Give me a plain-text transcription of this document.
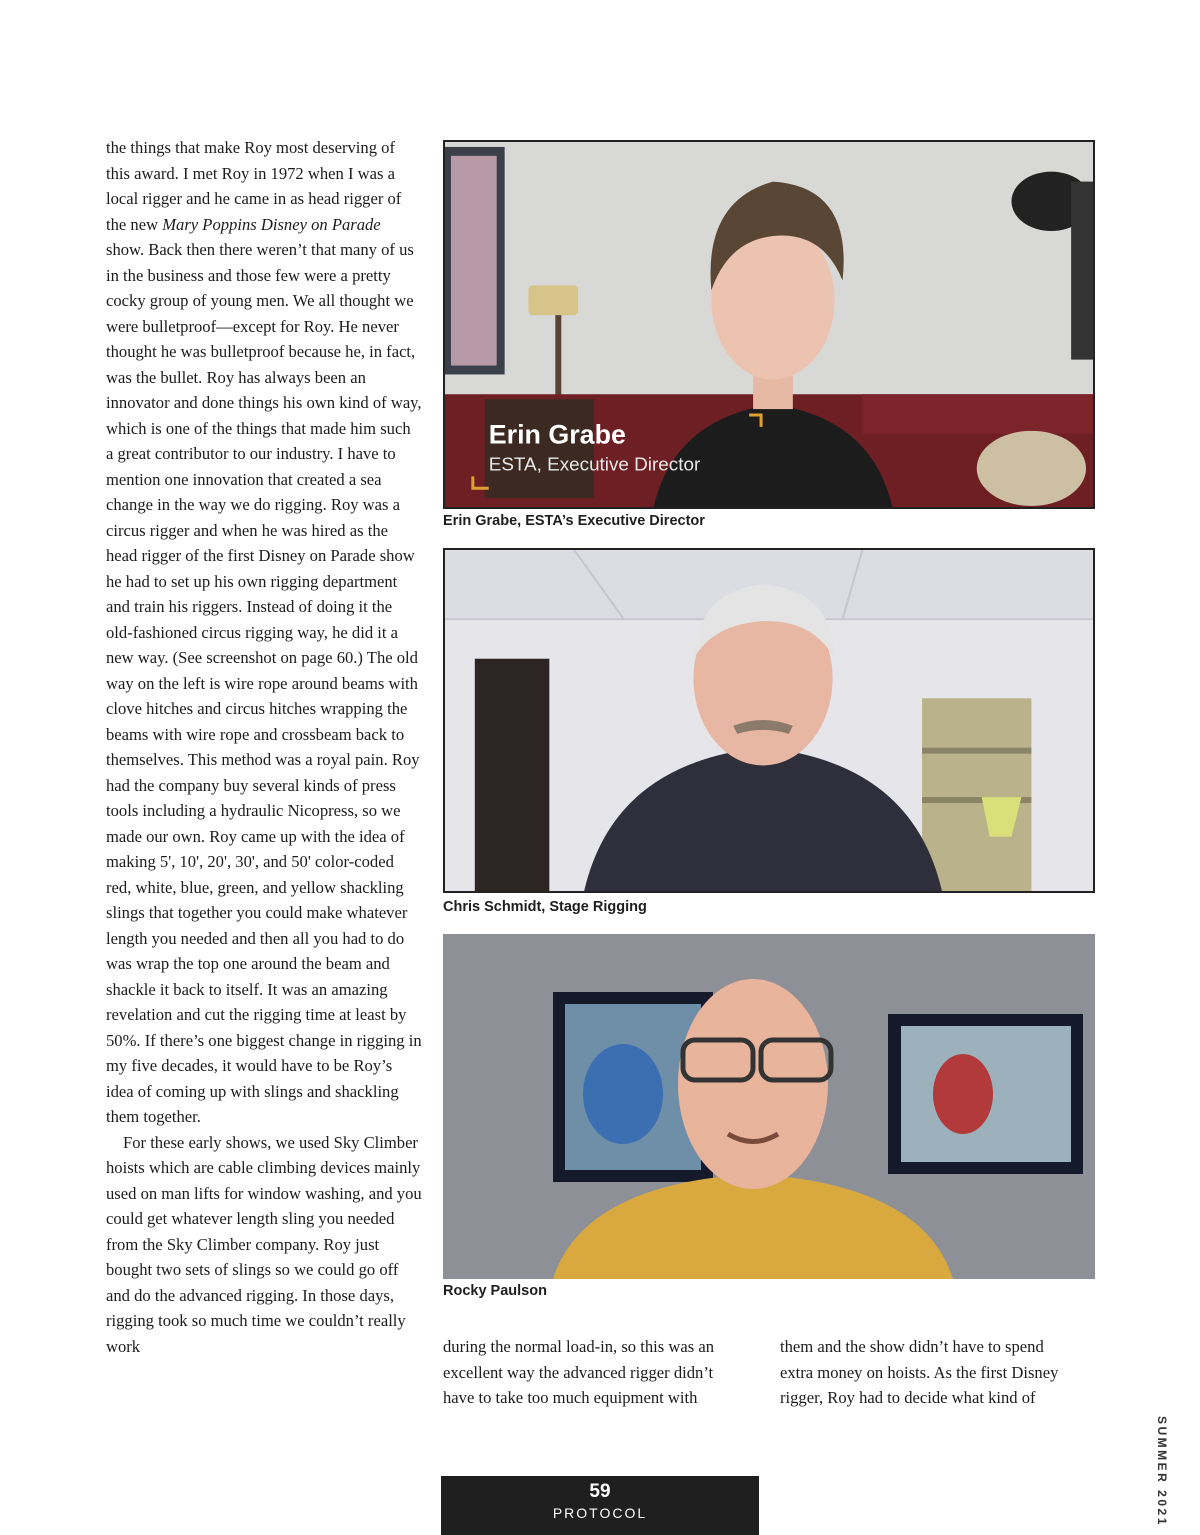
the things that make Roy most deserving of this award. I met Roy in 1972 when I was a local rigger and he came in as head rigger of the new Mary Poppins Disney on Parade show. Back then there weren’t that many of us in the business and those few were a pretty cocky group of young men. We all thought we were bulletproof—except for Roy. He never thought he was bulletproof because he, in fact, was the bullet. Roy has always been an innovator and done things his own kind of way, which is one of the things that made him such a great contributor to our industry. I have to mention one innovation that created a sea change in the way we do rigging. Roy was a circus rigger and when he was hired as the head rigger of the first Disney on Parade show he had to set up his own rigging department and train his riggers. Instead of doing it the old-fashioned circus rigging way, he did it a new way. (See screenshot on page 60.) The old way on the left is wire rope around beams with clove hitches and circus hitches wrapping the beams with wire rope and crossbeam back to themselves. This method was a royal pain. Roy had the company buy several kinds of press tools including a hydraulic Nicopress, so we made our own. Roy came up with the idea of making 5', 10', 20', 30', and 50' color-coded red, white, blue, green, and yellow shackling slings that together you could make whatever length you needed and then all you had to do was wrap the top one around the beam and shackle it back to itself. It was an amazing revelation and cut the rigging time at least by 50%. If there’s one biggest change in rigging in my five decades, it would have to be Roy’s idea of coming up with slings and shackling them together.

For these early shows, we used Sky Climber hoists which are cable climbing devices mainly used on man lifts for window washing, and you could get whatever length sling you needed from the Sky Climber company. Roy just bought two sets of slings so we could go off and do the advanced rigging. In those days, rigging took so much time we couldn’t really work

Erin Grabe
ESTA, Executive Director
Erin Grabe, ESTA’s Executive Director
Chris Schmidt, Stage Rigging
Rocky Paulson
during the normal load-in, so this was an excellent way the advanced rigger didn’t have to take too much equipment with
them and the show didn’t have to spend extra money on hoists. As the first Disney rigger, Roy had to decide what kind of
SUMMER 2021
59
PROTOCOL
